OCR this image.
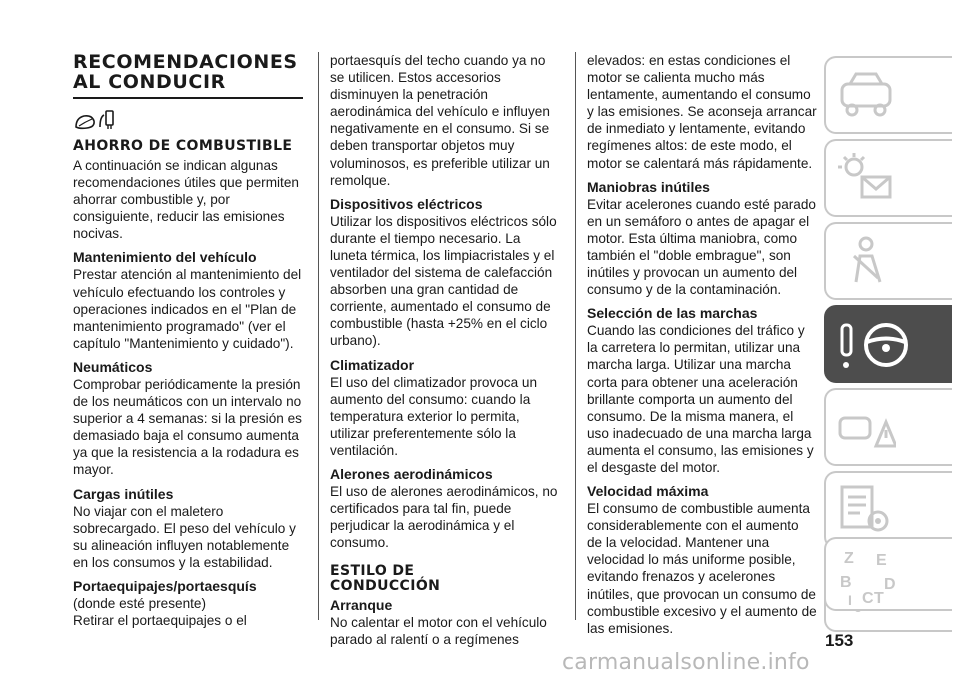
RECOMENDACIONES
AL CONDUCIR
AHORRO DE COMBUSTIBLE
A continuación se indican algunas recomendaciones útiles que permiten ahorrar combustible y, por consiguiente, reducir las emisiones nocivas.
Mantenimiento del vehículo
Prestar atención al mantenimiento del vehículo efectuando los controles y operaciones indicados en el "Plan de mantenimiento programado" (ver el capítulo "Mantenimiento y cuidado").
Neumáticos
Comprobar periódicamente la presión de los neumáticos con un intervalo no superior a 4 semanas: si la presión es demasiado baja el consumo aumenta ya que la resistencia a la rodadura es mayor.
Cargas inútiles
No viajar con el maletero sobrecargado. El peso del vehículo y su alineación influyen notablemente en los consumos y la estabilidad.
Portaequipajes/portaesquís
(donde esté presente)
Retirar el portaequipajes o el
portaesquís del techo cuando ya no se utilicen. Estos accesorios disminuyen la penetración aerodinámica del vehículo e influyen negativamente en el consumo. Si se deben transportar objetos muy voluminosos, es preferible utilizar un remolque.
Dispositivos eléctricos
Utilizar los dispositivos eléctricos sólo durante el tiempo necesario. La luneta térmica, los limpiacristales y el ventilador del sistema de calefacción absorben una gran cantidad de corriente, aumentado el consumo de combustible (hasta +25% en el ciclo urbano).
Climatizador
El uso del climatizador provoca un aumento del consumo: cuando la temperatura exterior lo permita, utilizar preferentemente sólo la ventilación.
Alerones aerodinámicos
El uso de alerones aerodinámicos, no certificados para tal fin, puede perjudicar la aerodinámica y el consumo.
ESTILO DE CONDUCCIÓN
Arranque
No calentar el motor con el vehículo parado al ralentí o a regímenes
elevados: en estas condiciones el motor se calienta mucho más lentamente, aumentando el consumo y las emisiones. Se aconseja arrancar de inmediato y lentamente, evitando regímenes altos: de este modo, el motor se calentará más rápidamente.
Maniobras inútiles
Evitar acelerones cuando esté parado en un semáforo o antes de apagar el motor. Esta última maniobra, como también el "doble embrague", son inútiles y provocan un aumento del consumo y de la contaminación.
Selección de las marchas
Cuando las condiciones del tráfico y la carretera lo permitan, utilizar una marcha larga. Utilizar una marcha corta para obtener una aceleración brillante comporta un aumento del consumo. De la misma manera, el uso inadecuado de una marcha larga aumenta el consumo, las emisiones y el desgaste del motor.
Velocidad máxima
El consumo de combustible aumenta considerablemente con el aumento de la velocidad. Mantener una velocidad lo más uniforme posible, evitando frenazos y acelerones inútiles, que provocan un consumo de combustible excesivo y el aumento de las emisiones.
Z E
B D
C
I T
153
carmanualsonline.info
